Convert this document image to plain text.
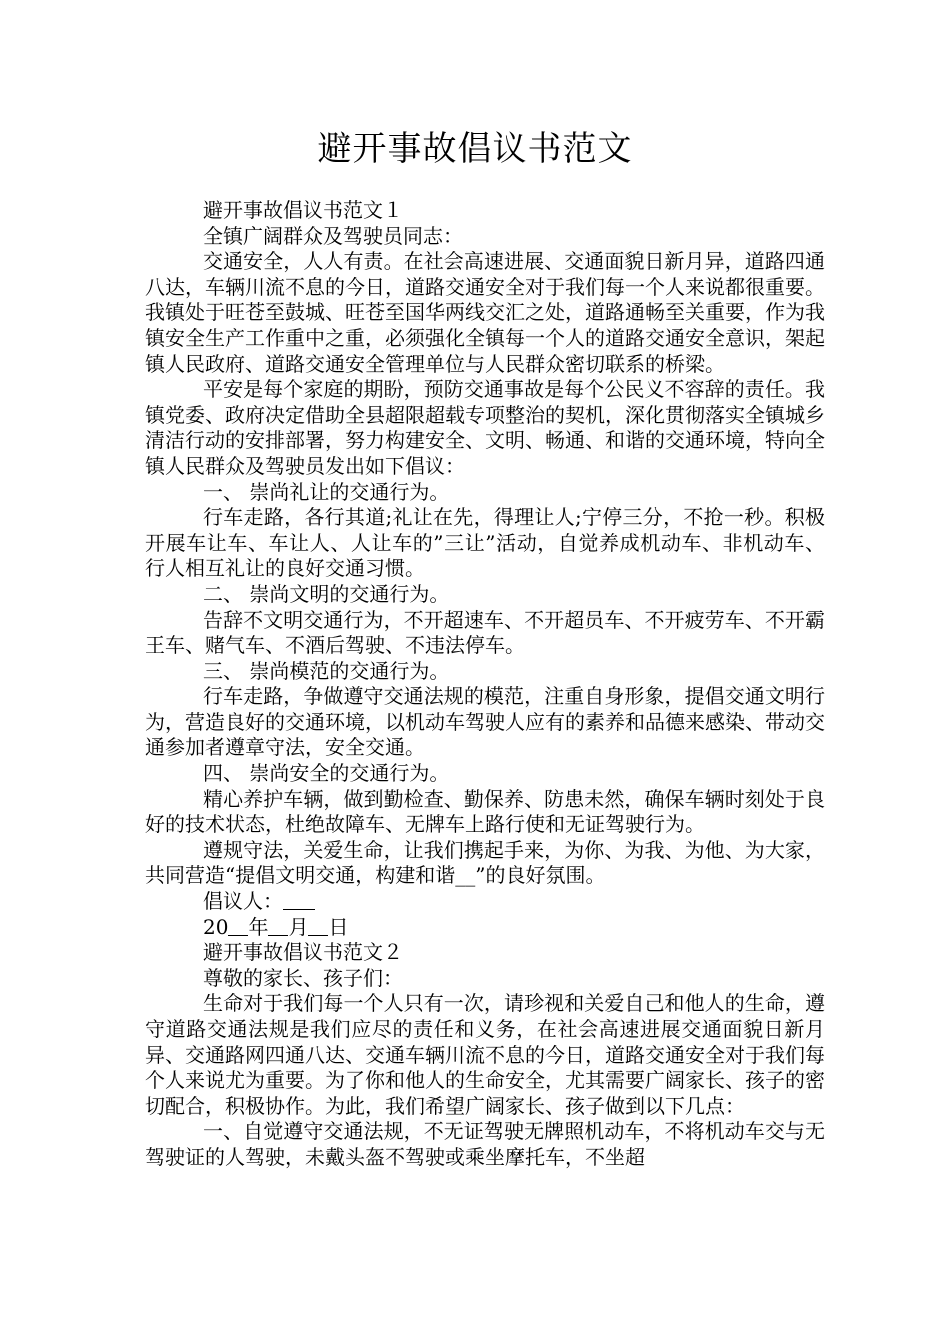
避开事故倡议书范文

避开事故倡议书范文１

全镇广阔群众及驾驶员同志：

交通安全，人人有责。在社会高速进展、交通面貌日新月异，道路四通八达，车辆川流不息的今日，道路交通安全对于我们每一个人来说都很重要。我镇处于旺苍至鼓城、旺苍至国华两线交汇之处，道路通畅至关重要，作为我镇安全生产工作重中之重，必须强化全镇每一个人的道路交通安全意识，架起镇人民政府、道路交通安全管理单位与人民群众密切联系的桥梁。

平安是每个家庭的期盼，预防交通事故是每个公民义不容辞的责任。我镇党委、政府决定借助全县超限超载专项整治的契机，深化贯彻落实全镇城乡清洁行动的安排部署，努力构建安全、文明、畅通、和谐的交通环境，特向全镇人民群众及驾驶员发出如下倡议：

一、 崇尚礼让的交通行为。

行车走路，各行其道;礼让在先，得理让人;宁停三分，不抢一秒。积极开展车让车、车让人、人让车的”三让”活动，自觉养成机动车、非机动车、行人相互礼让的良好交通习惯。

二、 崇尚文明的交通行为。

告辞不文明交通行为，不开超速车、不开超员车、不开疲劳车、不开霸王车、赌气车、不酒后驾驶、不违法停车。

三、 崇尚模范的交通行为。

行车走路，争做遵守交通法规的模范，注重自身形象，提倡交通文明行为，营造良好的交通环境，以机动车驾驶人应有的素养和品德来感染、带动交通参加者遵章守法，安全交通。

四、 崇尚安全的交通行为。

精心养护车辆，做到勤检查、勤保养、防患未然，确保车辆时刻处于良好的技术状态，杜绝故障车、无牌车上路行使和无证驾驶行为。

遵规守法，关爱生命，让我们携起手来，为你、为我、为他、为大家，共同营造“提倡文明交通，构建和谐__”的良好氛围。

倡议人：

20 年 月 日

避开事故倡议书范文２

尊敬的家长、孩子们：

生命对于我们每一个人只有一次，请珍视和关爱自己和他人的生命，遵守道路交通法规是我们应尽的责任和义务，在社会高速进展交通面貌日新月异、交通路网四通八达、交通车辆川流不息的今日，道路交通安全对于我们每个人来说尤为重要。为了你和他人的生命安全，尤其需要广阔家长、孩子的密切配合，积极协作。为此，我们希望广阔家长、孩子做到以下几点：

一、自觉遵守交通法规，不无证驾驶无牌照机动车，不将机动车交与无驾驶证的人驾驶，未戴头盔不驾驶或乘坐摩托车，不坐超
